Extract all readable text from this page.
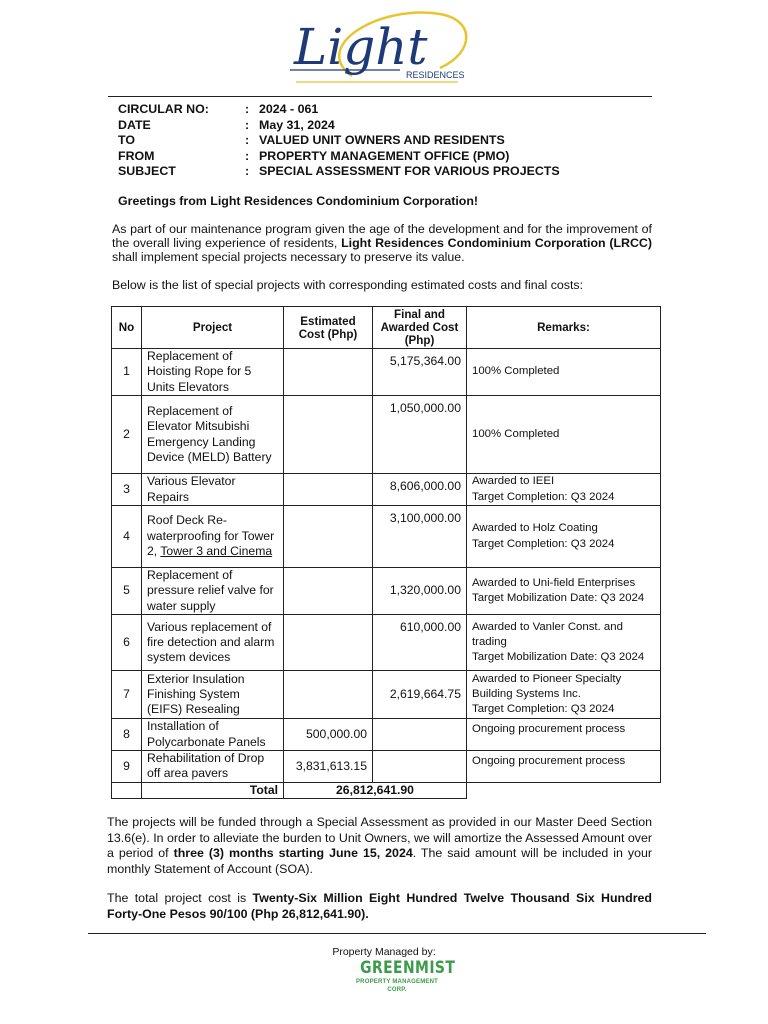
Light
RESIDENCES
CIRCULAR NO:	: 2024 - 061
DATE	: May 31, 2024
TO	: VALUED UNIT OWNERS AND RESIDENTS
FROM	: PROPERTY MANAGEMENT OFFICE (PMO)
SUBJECT	: SPECIAL ASSESSMENT FOR VARIOUS PROJECTS
Greetings from Light Residences Condominium Corporation!
As part of our maintenance program given the age of the development and for the improvement of the overall living experience of residents, Light Residences Condominium Corporation (LRCC) shall implement special projects necessary to preserve its value.
Below is the list of special projects with corresponding estimated costs and final costs:
No	Project	Estimated Cost (Php)	Final and Awarded Cost (Php)	Remarks:
1	Replacement of Hoisting Rope for 5 Units Elevators		5,175,364.00	100% Completed

2	Replacement of Elevator Mitsubishi Emergency Landing Device (MELD) Battery		1,050,000.00	100% Completed

3	Various Elevator Repairs		8,606,000.00	Awarded to IEEI
Target Completion: Q3 2024

4	Roof Deck Re-waterproofing for Tower 2, Tower 3 and Cinema		3,100,000.00	Awarded to Holz Coating
Target Completion: Q3 2024

5	Replacement of pressure relief valve for water supply		1,320,000.00	Awarded to Uni-field Enterprises
Target Mobilization Date: Q3 2024

6	Various replacement of fire detection and alarm system devices		610,000.00	Awarded to Vanler Const. and trading
Target Mobilization Date: Q3 2024

7	Exterior Insulation Finishing System (EIFS) Resealing		2,619,664.75	Awarded to Pioneer Specialty Building Systems Inc.
Target Completion: Q3 2024

8	Installation of Polycarbonate Panels	500,000.00		Ongoing procurement process

9	Rehabilitation of Drop off area pavers	3,831,613.15		Ongoing procurement process

	Total	26,812,641.90		
The projects will be funded through a Special Assessment as provided in our Master Deed Section 13.6(e). In order to alleviate the burden to Unit Owners, we will amortize the Assessed Amount over a period of three (3) months starting June 15, 2024. The said amount will be included in your monthly Statement of Account (SOA).
The total project cost is Twenty-Six Million Eight Hundred Twelve Thousand Six Hundred Forty-One Pesos 90/100 (Php 26,812,641.90).
Property Managed by:
GREENMIST
PROPERTY MANAGEMENT CORP.
